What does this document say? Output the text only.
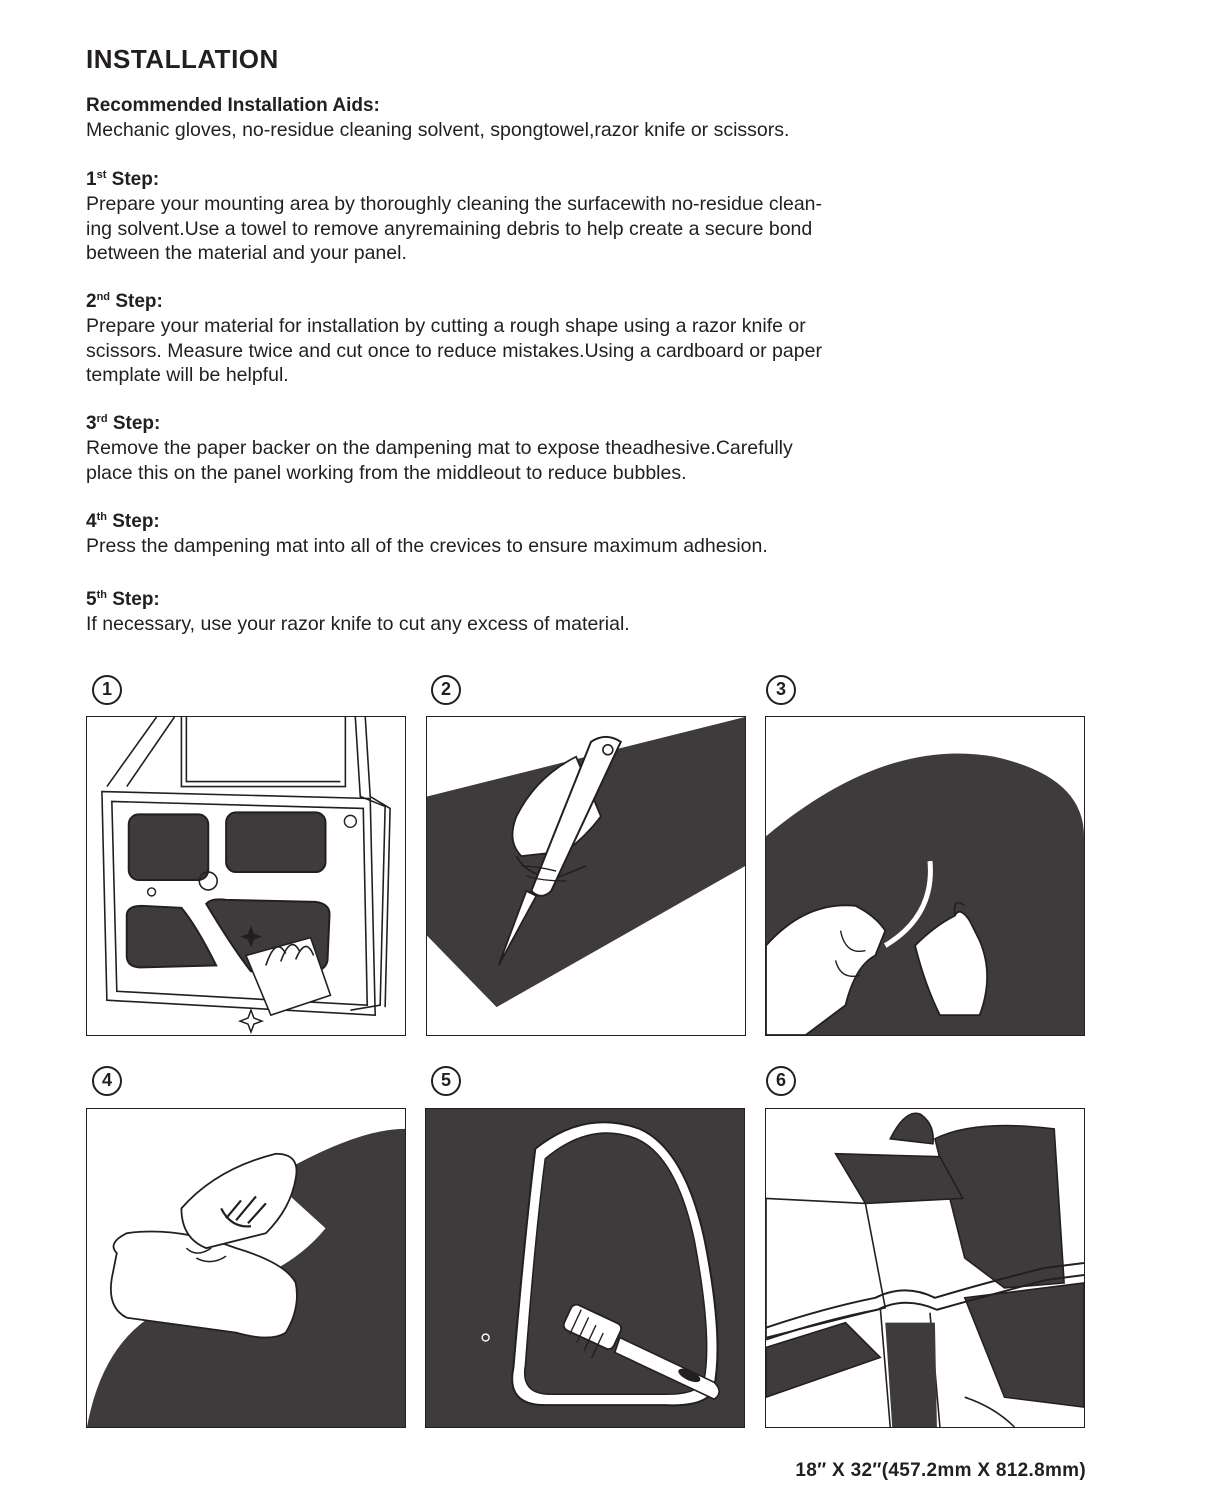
INSTALLATION
Recommended Installation Aids:

Mechanic gloves, no-residue cleaning solvent, spongtowel,razor knife or scissors.

1st Step:

Prepare your mounting area by thoroughly cleaning the surfacewith no-residue clean-

ing solvent.Use a towel to remove anyremaining debris to help create a secure bond

between the material and your panel.

2nd Step:

Prepare your material for installation by cutting a rough shape using a razor knife or

scissors. Measure twice and cut once to reduce mistakes.Using a cardboard or paper

template will be helpful.

3rd Step:

Remove the paper backer on the dampening mat to expose theadhesive.Carefully

place this on the panel working from the middleout to reduce bubbles.

4th Step:

Press the dampening mat into all of the crevices to ensure maximum adhesion.

5th Step:

If necessary, use your razor knife to cut any excess of material.

1	2	3
4	5	6
18″ X 32″(457.2mm X 812.8mm)
